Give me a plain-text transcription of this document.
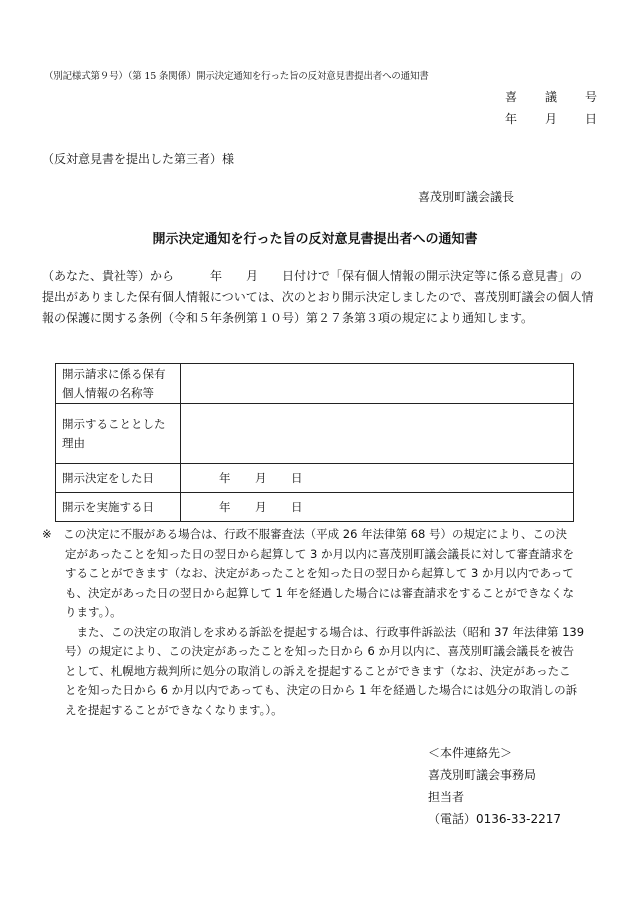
（別記様式第９号）（第 15 条関係）開示決定通知を行った旨の反対意見書提出者への通知書
喜 議 号
年 月 日
（反対意見書を提出した第三者）様
喜茂別町議会議長
開示決定通知を行った旨の反対意見書提出者への通知書

（あなた、貴社等）から　　　年　　月　　日付けで「保有個人情報の開示決定等に係る意見書」の

提出がありました保有個人情報については、次のとおり開示決定しましたので、喜茂別町議会の個人情

報の保護に関する条例（令和５年条例第１０号）第２７条第３項の規定により通知します。

開示請求に係る保有
個人情報の名称等	

開示することとした
理由	

開示決定をした日	年 月 日
開示を実施する日	年 月 日

※　この決定に不服がある場合は、行政不服審査法（平成 26 年法律第 68 号）の規定により、この決

　　定があったことを知った日の翌日から起算して 3 か月以内に喜茂別町議会議長に対して審査請求を

　　することができます（なお、決定があったことを知った日の翌日から起算して 3 か月以内であって

　　も、決定があった日の翌日から起算して 1 年を経過した場合には審査請求をすることができなくな

　　ります。）。

　　　また、この決定の取消しを求める訴訟を提起する場合は、行政事件訴訟法（昭和 37 年法律第 139

　　号）の規定により、この決定があったことを知った日から 6 か月以内に、喜茂別町議会議長を被告

　　として、札幌地方裁判所に処分の取消しの訴えを提起することができます（なお、決定があったこ

　　とを知った日から 6 か月以内であっても、決定の日から 1 年を経過した場合には処分の取消しの訴

　　えを提起することができなくなります。）。

＜本件連絡先＞

喜茂別町議会事務局

担当者

（電話）0136-33-2217
